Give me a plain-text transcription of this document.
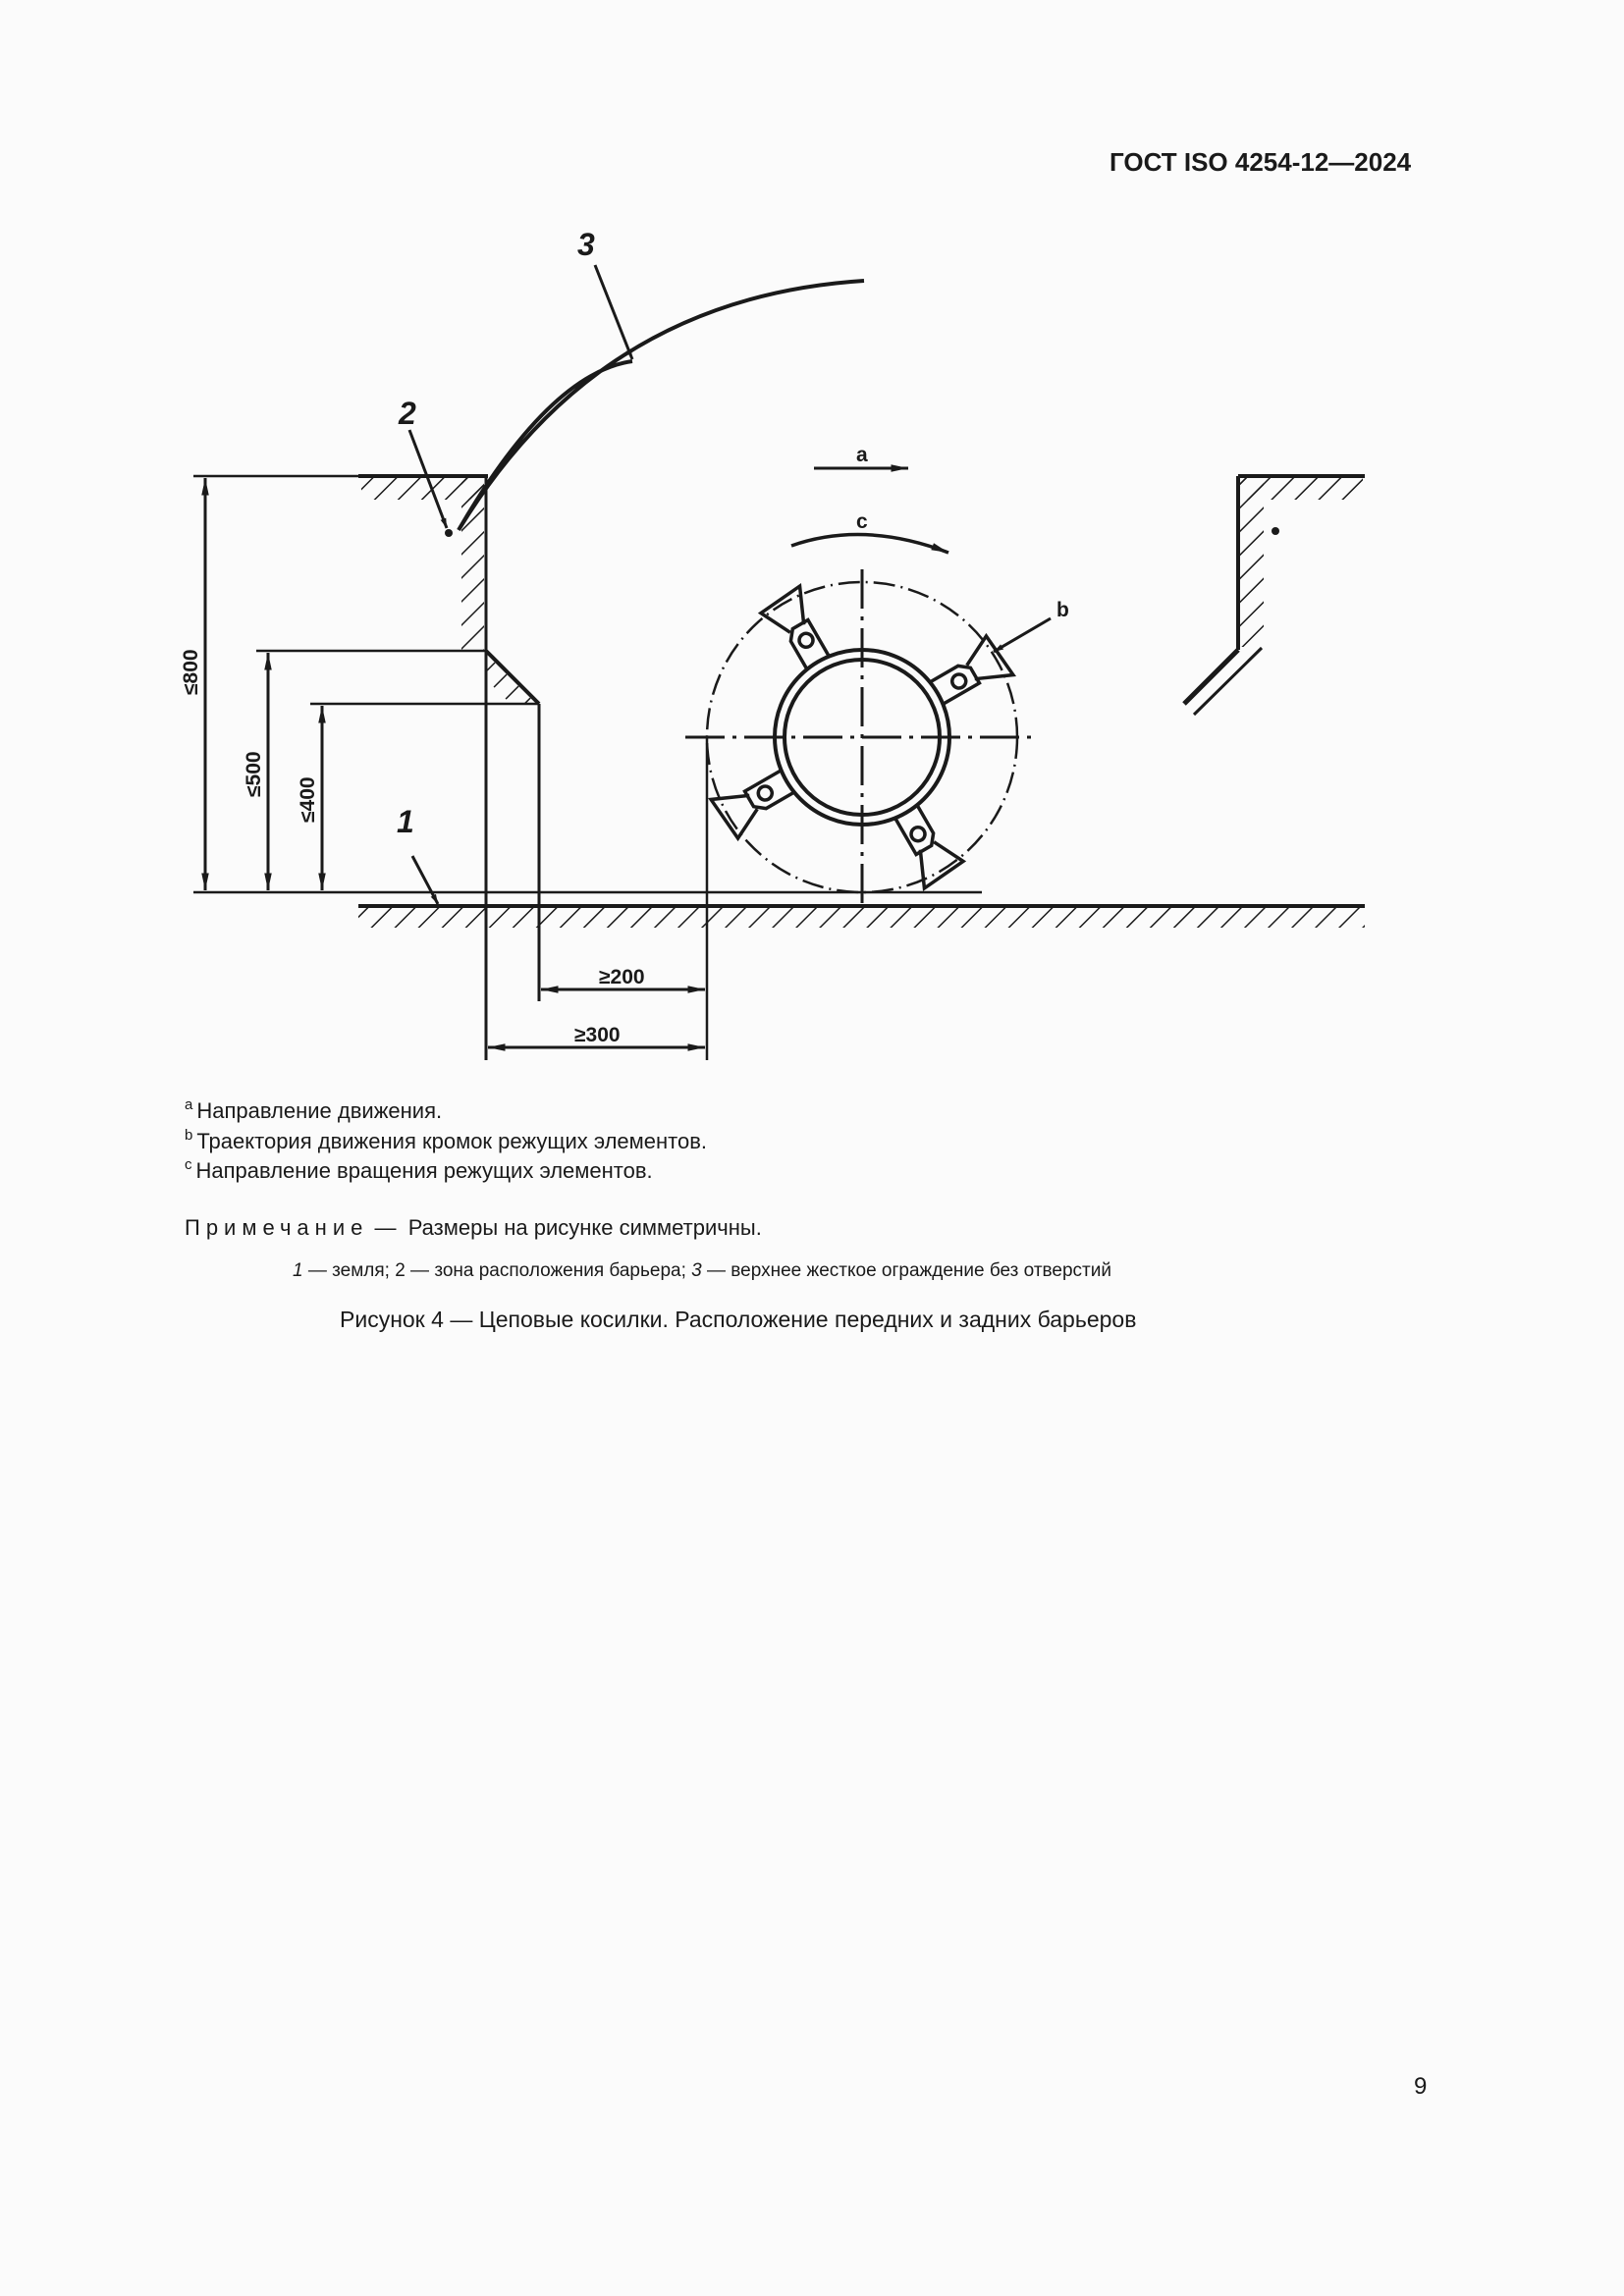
ГОСТ ISO 4254-12—2024
3
2
1
a
c
b
≤800
≤500
≤400
≥200
≥300
$^a$ Направление движения.
$^b$ Траектория движения кромок режущих элементов.
$^c$ Направление вращения режущих элементов.
Примечание — Размеры на рисунке симметричны.
1 — земля; 2 — зона расположения барьера; 3 — верхнее жесткое ограждение без отверстий
Рисунок 4 — Цеповые косилки. Расположение передних и задних барьеров
9
